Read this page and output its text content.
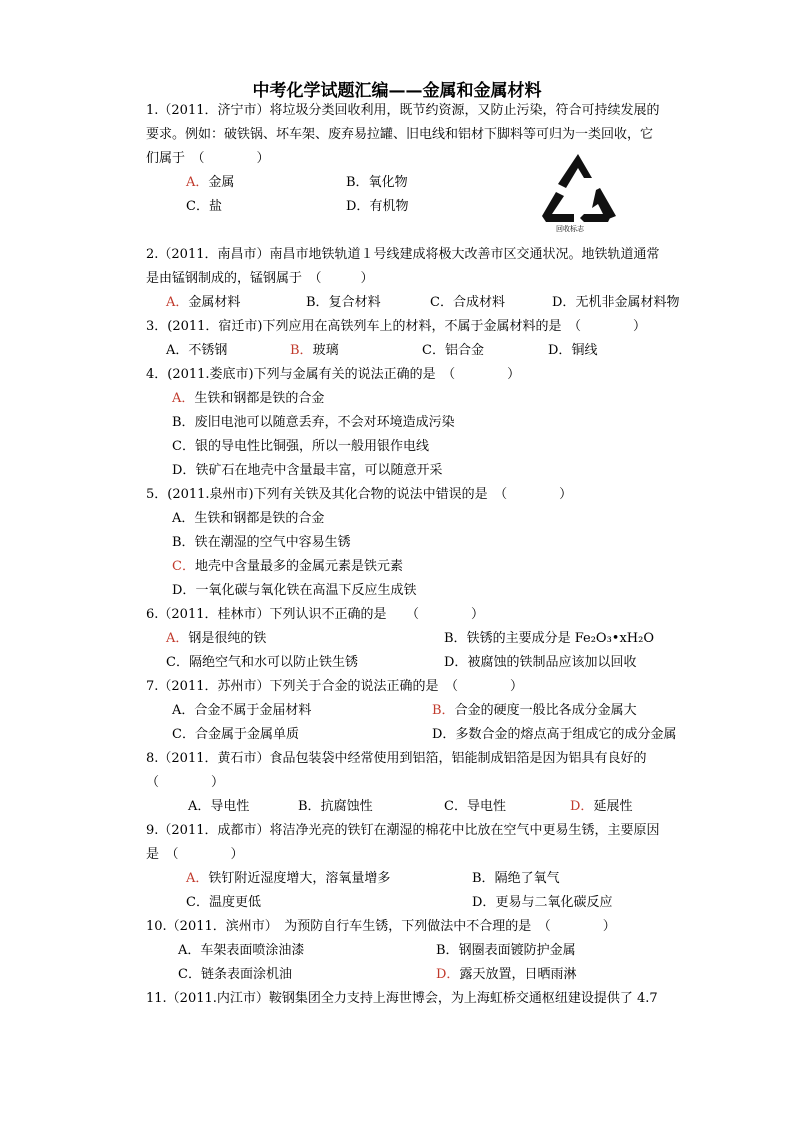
中考化学试题汇编——金属和金属材料
回收标志
1.（2011．济宁市）将垃圾分类回收利用，既节约资源，又防止污染，符合可持续发展的
要求。例如：破铁锅、坏车架、废弃易拉罐、旧电线和铝材下脚料等可归为一类回收，它
们属于　（　　　　）
A．金属	B．氧化物
C．盐	D．有机物
2.（2011．南昌市）南昌市地铁轨道１号线建成将极大改善市区交通状况。地铁轨道通常
是由锰钢制成的，锰钢属于　（　　　）
A．金属材料	B．复合材料	C．合成材料	D．无机非金属材料物
3．(2011．宿迁市)下列应用在高铁列车上的材料，不属于金属材料的是　（　　　　）
A．不锈钢	B．玻璃	C．铝合金	D．铜线
4．(2011.娄底市)下列与金属有关的说法正确的是　（　　　　）
A．生铁和钢都是铁的合金
B．废旧电池可以随意丢弃，不会对环境造成污染
C．银的导电性比铜强，所以一般用银作电线
D．铁矿石在地壳中含量最丰富，可以随意开采
5．(2011.泉州市)下列有关铁及其化合物的说法中错误的是　（　　　　）
A．生铁和钢都是铁的合金
B．铁在潮湿的空气中容易生锈
C．地壳中含量最多的金属元素是铁元素
D．一氧化碳与氧化铁在高温下反应生成铁
6.（2011．桂林市）下列认识不正确的是　　（　　　　）
A．钢是很纯的铁	B．铁锈的主要成分是 Fe₂O₃•xH₂O
C．隔绝空气和水可以防止铁生锈	D．被腐蚀的铁制品应该加以回收
7.（2011．苏州市）下列关于合金的说法正确的是　（　　　　）
A．合金不属于金届材料	B．合金的硬度一般比各成分金属大
C．合金属于金属单质	D．多数合金的熔点高于组成它的成分金属
8.（2011．黄石市）食品包装袋中经常使用到铝箔，铝能制成铝箔是因为铝具有良好的
（　　　　）
A．导电性	B．抗腐蚀性	C．导电性	D．延展性
9.（2011．成都市）将洁净光亮的铁钉在潮湿的棉花中比放在空气中更易生锈，主要原因
是　（　　　　）
A．铁钉附近湿度增大，溶氧量增多	B．隔绝了氧气
C．温度更低	D．更易与二氧化碳反应
10.（2011．滨州市）　为预防自行车生锈，下列做法中不合理的是　（　　　　）
A．车架表面喷涂油漆	B．钢圈表面镀防护金属
C．链条表面涂机油	D．露天放置，日晒雨淋
11.（2011.内江市）鞍钢集团全力支持上海世博会，为上海虹桥交通枢纽建设提供了 4.7
